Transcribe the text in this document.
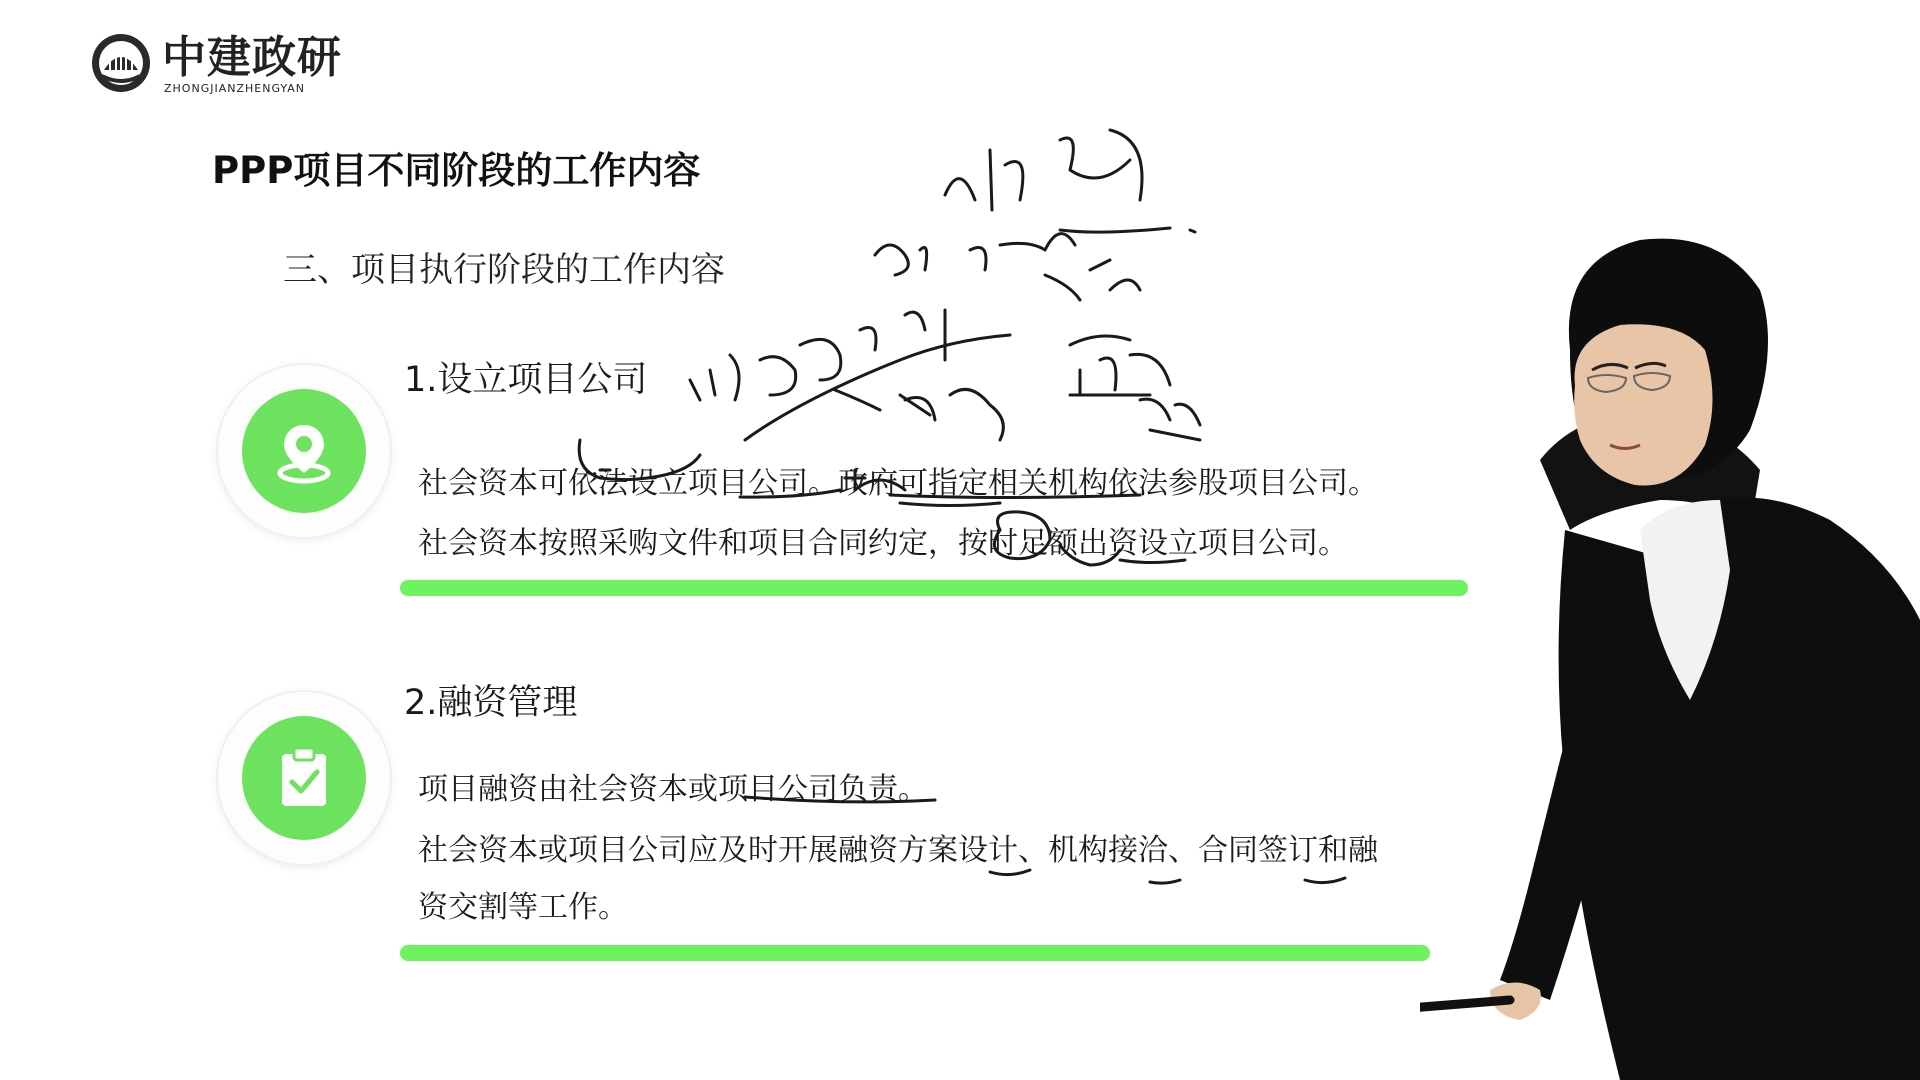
中建政研
ZHONGJIANZHENGYAN
PPP项目不同阶段的工作内容
三、项目执行阶段的工作内容
1.设立项目公司
社会资本可依法设立项目公司。政府可指定相关机构依法参股项目公司。
社会资本按照采购文件和项目合同约定，按时足额出资设立项目公司。
2.融资管理
项目融资由社会资本或项目公司负责。
社会资本或项目公司应及时开展融资方案设计、机构接洽、合同签订和融
资交割等工作。
